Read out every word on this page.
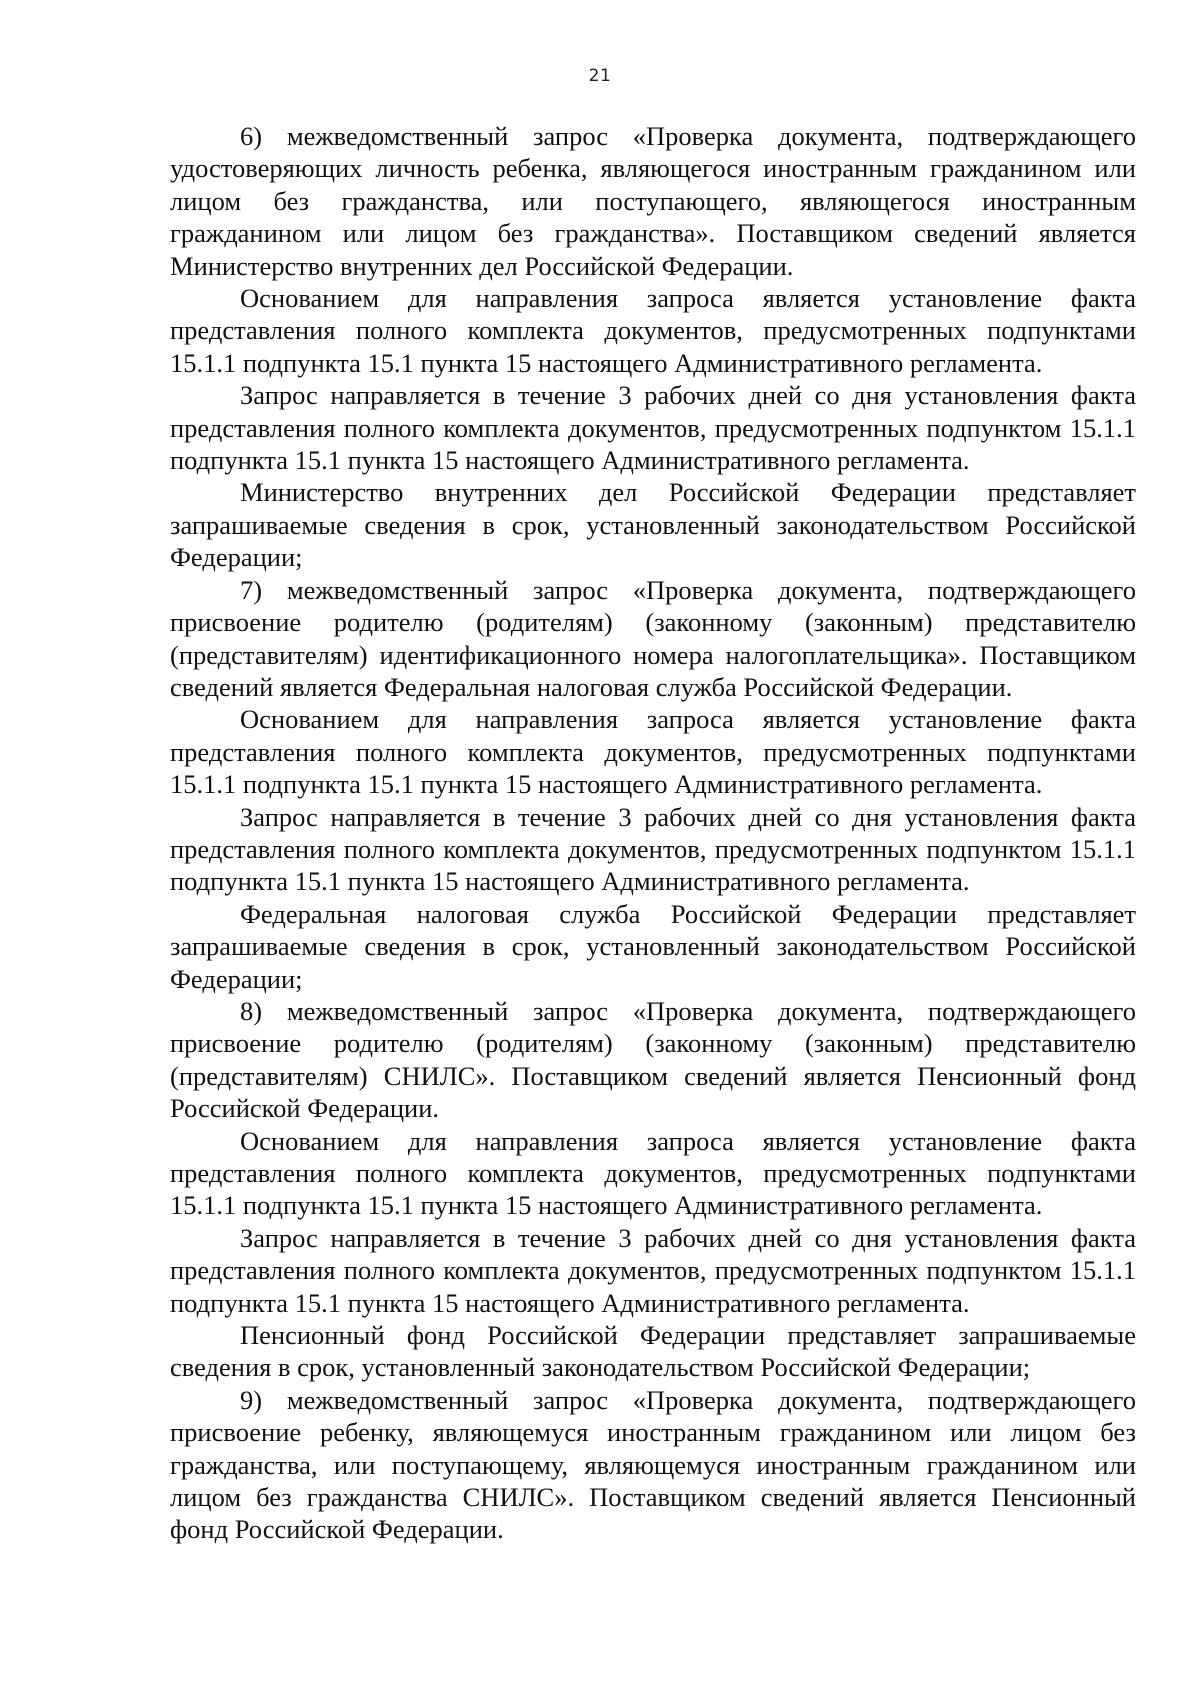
21

6) межведомственный запрос «Проверка документа, подтверждающего удостоверяющих личность ребенка, являющегося иностранным гражданином или лицом без гражданства, или поступающего, являющегося иностранным гражданином или лицом без гражданства». Поставщиком сведений является Министерство внутренних дел Российской Федерации.

Основанием для направления запроса является установление факта представления полного комплекта документов, предусмотренных подпунктами 15.1.1 подпункта 15.1 пункта 15 настоящего Административного регламента.

Запрос направляется в течение 3 рабочих дней со дня установления факта представления полного комплекта документов, предусмотренных подпунктом 15.1.1 подпункта 15.1 пункта 15 настоящего Административного регламента.

Министерство внутренних дел Российской Федерации представляет запрашиваемые сведения в срок, установленный законодательством Российской Федерации;

7) межведомственный запрос «Проверка документа, подтверждающего присвоение родителю (родителям) (законному (законным) представителю (представителям) идентификационного номера налогоплательщика». Поставщиком сведений является Федеральная налоговая служба Российской Федерации.

Основанием для направления запроса является установление факта представления полного комплекта документов, предусмотренных подпунктами 15.1.1 подпункта 15.1 пункта 15 настоящего Административного регламента.

Запрос направляется в течение 3 рабочих дней со дня установления факта представления полного комплекта документов, предусмотренных подпунктом 15.1.1 подпункта 15.1 пункта 15 настоящего Административного регламента.

Федеральная налоговая служба Российской Федерации представляет запрашиваемые сведения в срок, установленный законодательством Российской Федерации;

8) межведомственный запрос «Проверка документа, подтверждающего присвоение родителю (родителям) (законному (законным) представителю (представителям) СНИЛС». Поставщиком сведений является Пенсионный фонд Российской Федерации.

Основанием для направления запроса является установление факта представления полного комплекта документов, предусмотренных подпунктами 15.1.1 подпункта 15.1 пункта 15 настоящего Административного регламента.

Запрос направляется в течение 3 рабочих дней со дня установления факта представления полного комплекта документов, предусмотренных подпунктом 15.1.1 подпункта 15.1 пункта 15 настоящего Административного регламента.

Пенсионный фонд Российской Федерации представляет запрашиваемые сведения в срок, установленный законодательством Российской Федерации;

9) межведомственный запрос «Проверка документа, подтверждающего присвоение ребенку, являющемуся иностранным гражданином или лицом без гражданства, или поступающему, являющемуся иностранным гражданином или лицом без гражданства СНИЛС». Поставщиком сведений является Пенсионный фонд Российской Федерации.
